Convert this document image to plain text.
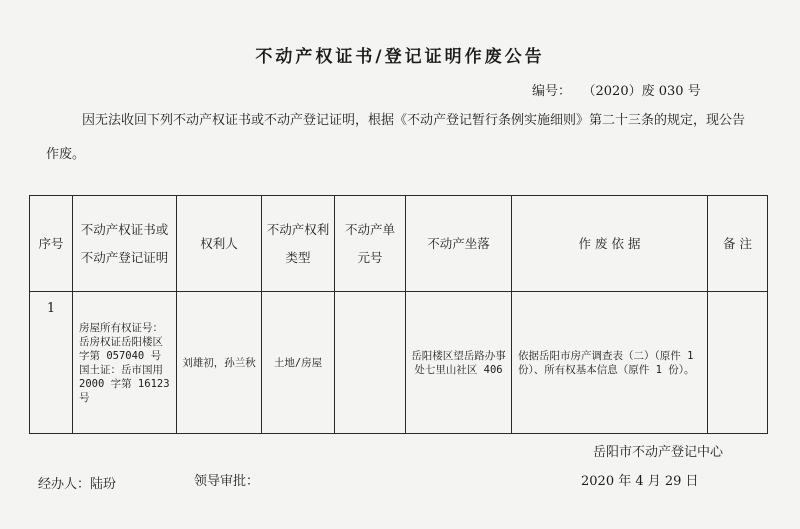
不动产权证书/登记证明作废公告
编号： （2020）废 030 号
因无法收回下列不动产权证书或不动产登记证明，根据《不动产登记暂行条例实施细则》第二十三条的规定，现公告作废。
序号	不动产权证书或不动产登记证明	权利人	不动产权利类型	不动产单元号	不动产坐落	作 废 依 据	备 注
1	房屋所有权证号：岳房权证岳阳楼区字第 057040 号 国土证：岳市国用 2000 字第 16123 号	刘雄初，孙兰秋	土地/房屋		岳阳楼区望岳路办事处七里山社区 406	依据岳阳市房产调查表（二）（原件 1 份）、所有权基本信息（原件 1 份）。	
岳阳市不动产登记中心
经办人：陆玢	领导审批：	2020 年 4 月 29 日
